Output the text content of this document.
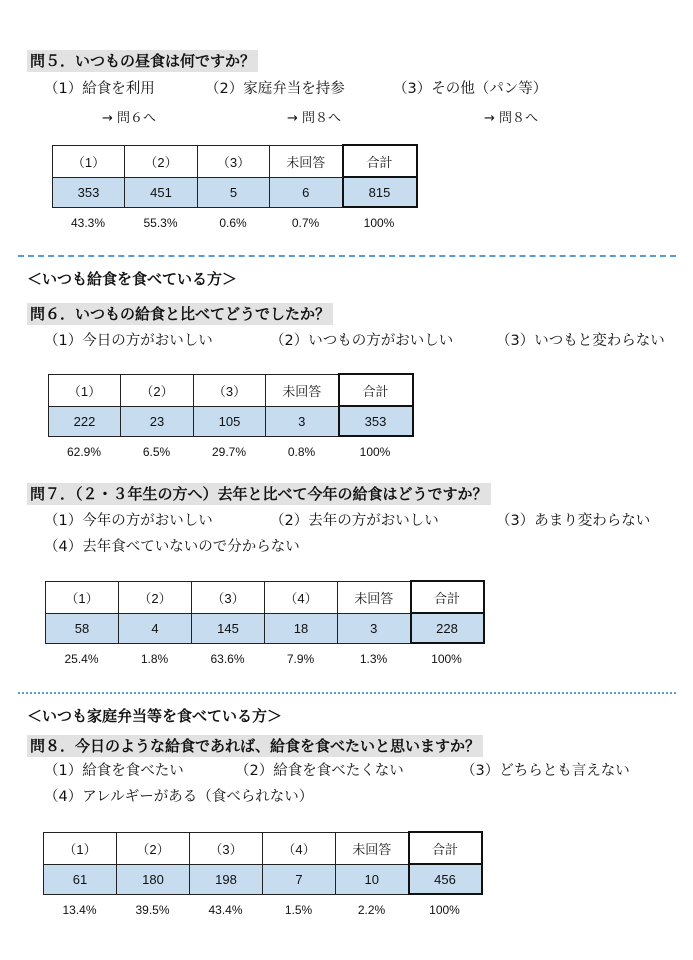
問５．いつもの昼食は何ですか？
（1）給食を利用	（2）家庭弁当を持参	（3）その他（パン等）
→ 問６へ	→ 問８へ	→ 問８へ
（1）	（2）	（3）	未回答	合計
353	451	5	6	815
43.3%	55.3%	0.6%	0.7%	100%
＜いつも給食を食べている方＞
問６．いつもの給食と比べてどうでしたか？
（1）今日の方がおいしい	（2）いつもの方がおいしい	（3）いつもと変わらない
（1）	（2）	（3）	未回答	合計
222	23	105	3	353
62.9%	6.5%	29.7%	0.8%	100%
問７．（２・３年生の方へ）去年と比べて今年の給食はどうですか？
（1）今年の方がおいしい	（2）去年の方がおいしい	（3）あまり変わらない
（4）去年食べていないので分からない
（1）	（2）	（3）	（4）	未回答	合計
58	4	145	18	3	228
25.4%	1.8%	63.6%	7.9%	1.3%	100%
＜いつも家庭弁当等を食べている方＞
問８．今日のような給食であれば、給食を食べたいと思いますか？
（1）給食を食べたい	（2）給食を食べたくない	（3）どちらとも言えない
（4）アレルギーがある（食べられない）
（1）	（2）	（3）	（4）	未回答	合計
61	180	198	7	10	456
13.4%	39.5%	43.4%	1.5%	2.2%	100%
